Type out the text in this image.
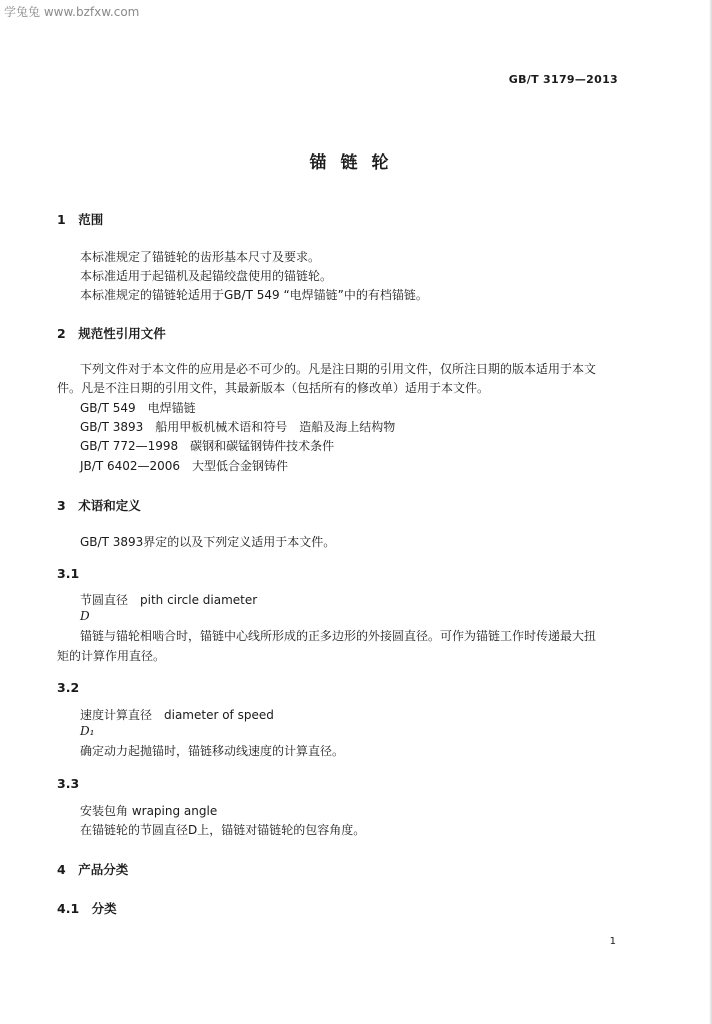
学兔兔 www.bzfxw.com
GB/T 3179—2013
锚链轮
1　范围
本标准规定了锚链轮的齿形基本尺寸及要求。
本标准适用于起锚机及起锚绞盘使用的锚链轮。
本标准规定的锚链轮适用于GB/T 549 “电焊锚链”中的有档锚链。
2　规范性引用文件
下列文件对于本文件的应用是必不可少的。凡是注日期的引用文件，仅所注日期的版本适用于本文
件。凡是不注日期的引用文件，其最新版本（包括所有的修改单）适用于本文件。
GB/T 549　电焊锚链
GB/T 3893　船用甲板机械术语和符号　造船及海上结构物
GB/T 772—1998　碳钢和碳锰钢铸件技术条件
JB/T 6402—2006　大型低合金钢铸件
3　术语和定义
GB/T 3893界定的以及下列定义适用于本文件。
3.1
节圆直径　pith circle diameter
D
锚链与锚轮相啮合时，锚链中心线所形成的正多边形的外接圆直径。可作为锚链工作时传递最大扭
矩的计算作用直径。
3.2
速度计算直径　diameter of speed
D₁
确定动力起抛锚时，锚链移动线速度的计算直径。
3.3
安装包角 wraping angle
在锚链轮的节圆直径D上，锚链对锚链轮的包容角度。
4　产品分类
4.1　分类
1
